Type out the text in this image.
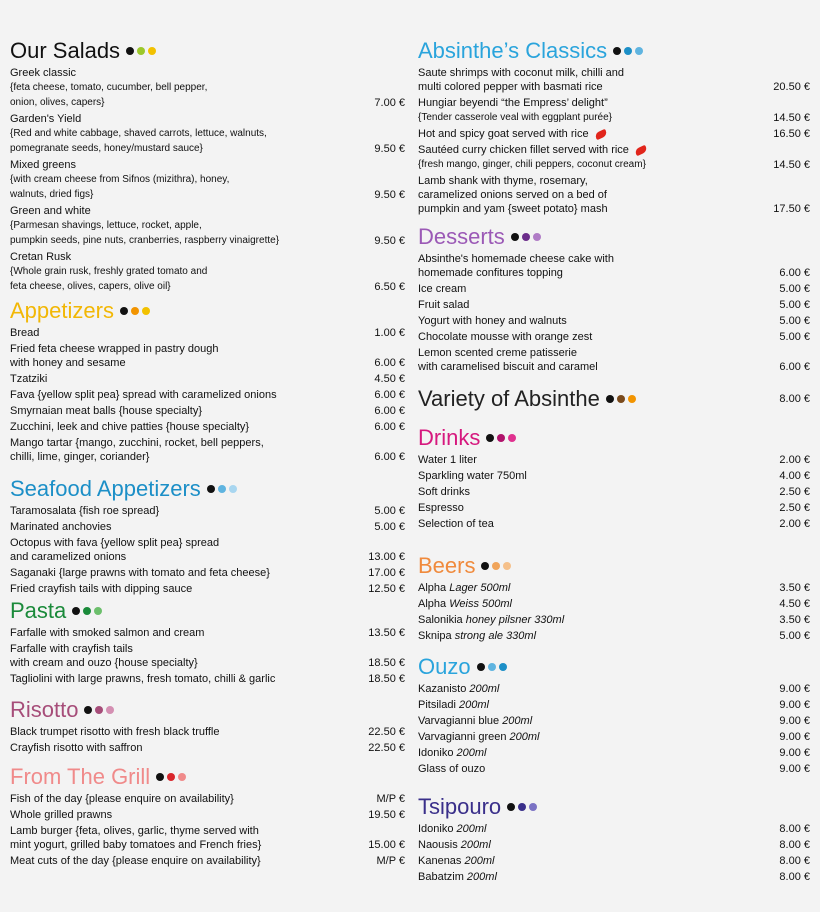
Our Salads
Greek classic
{feta cheese, tomato, cucumber, bell pepper,
onion, olives, capers}	7.00 €
Garden's Yield
{Red and white cabbage, shaved carrots, lettuce, walnuts,
pomegranate seeds, honey/mustard sauce}	9.50 €
Mixed greens
{with cream cheese from Sifnos (mizithra), honey,
walnuts, dried figs}	9.50 €
Green and white
{Parmesan shavings, lettuce, rocket, apple,
pumpkin seeds, pine nuts, cranberries, raspberry vinaigrette}	9.50 €
Cretan Rusk
{Whole grain rusk, freshly grated tomato and
feta cheese, olives, capers, olive oil}	6.50 €
Appetizers
Bread	1.00 €
Fried feta cheese wrapped in pastry dough
with honey and sesame	6.00 €
Tzatziki	4.50 €
Fava {yellow split pea} spread with caramelized onions	6.00 €
Smyrnaian meat balls {house specialty}	6.00 €
Zucchini, leek and chive patties {house specialty}	6.00 €
Mango tartar {mango, zucchini, rocket, bell peppers,
chilli, lime, ginger, coriander}	6.00 €
Seafood Appetizers
Taramosalata {fish roe spread}	5.00 €
Marinated anchovies	5.00 €
Octopus with fava {yellow split pea} spread
and caramelized onions	13.00 €
Saganaki {large prawns with tomato and feta cheese}	17.00 €
Fried crayfish tails with dipping sauce	12.50 €
Pasta
Farfalle with smoked salmon and cream	13.50 €
Farfalle with crayfish tails
with cream and ouzo {house specialty}	18.50 €
Tagliolini with large prawns, fresh tomato, chilli & garlic	18.50 €
Risotto
Black trumpet risotto with fresh black truffle	22.50 €
Crayfish risotto with saffron	22.50 €
From The Grill
Fish of the day {please enquire on availability}	M/P €
Whole grilled prawns	19.50 €
Lamb burger {feta, olives, garlic, thyme served with
mint yogurt, grilled baby tomatoes and French fries}	15.00 €
Meat cuts of the day {please enquire on availability}	M/P €
Absinthe’s Classics
Saute shrimps with coconut milk, chilli and
multi colored pepper with basmati rice	20.50 €
Hungiar beyendi “the Empress’ delight”
{Tender casserole veal with eggplant purée}	14.50 €
Hot and spicy goat served with rice	16.50 €
Sautéed curry chicken fillet served with rice
{fresh mango, ginger, chili peppers, coconut cream}	14.50 €
Lamb shank with thyme, rosemary,
caramelized onions served on a bed of
pumpkin and yam {sweet potato} mash	17.50 €
Desserts
Absinthe's homemade cheese cake with
homemade confitures topping	6.00 €
Ice cream	5.00 €
Fruit salad	5.00 €
Yogurt with honey and walnuts	5.00 €
Chocolate mousse with orange zest	5.00 €
Lemon scented creme patisserie
with caramelised biscuit and caramel	6.00 €
Variety of Absinthe	8.00 €
Drinks
Water 1 liter	2.00 €
Sparkling water 750ml	4.00 €
Soft drinks	2.50 €
Espresso	2.50 €
Selection of tea	2.00 €
Beers
Alpha Lager 500ml	3.50 €
Alpha Weiss 500ml	4.50 €
Salonikia honey pilsner 330ml	3.50 €
Sknipa strong ale 330ml	5.00 €
Ouzo
Kazanisto 200ml	9.00 €
Pitsiladi 200ml	9.00 €
Varvagianni blue 200ml	9.00 €
Varvagianni green 200ml	9.00 €
Idoniko 200ml	9.00 €
Glass of ouzo	9.00 €
Tsipouro
Idoniko 200ml	8.00 €
Naousis 200ml	8.00 €
Kanenas 200ml	8.00 €
Babatzim 200ml	8.00 €
